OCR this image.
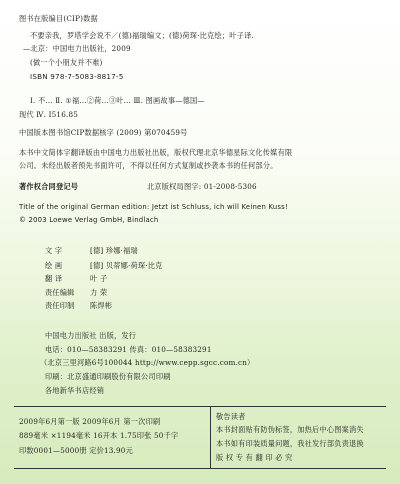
图书在版编目(CIP)数据
不要亲我，罗塔学会说不／(德)福瑞编文；(德)荷琛·比克绘；叶子译.
—北京：中国电力出版社，2009
(做一个小朋友并不难)
ISBN 978-7-5083-8817-5
Ⅰ. 不… Ⅱ. ①福…②荷…③叶… Ⅲ. 图画故事—德国—
现代 Ⅳ. I516.85
中国版本图书馆CIP数据核字 (2009) 第070459号
本书中文简体字翻译版由中国电力出版社出版，版权代理北京华德星际文化传媒有限
公司。未经出版者预先书面许可，不得以任何方式复制或抄袭本书的任何部分。
著作权合同登记号	北京版权局图字: 01-2008-5306
Title of the original German edition: Jetzt ist Schluss, ich will Keinen Kuss!
© 2003 Loewe Verlag GmbH, Bindlach
文 字	[德] 珍娜·福瑞
绘 画	[德] 贝蒂娜·荷琛·比克
翻 译	叶 子
责任编辑 力 荣
责任印制 陈焊彬
中国电力出版社 出版，发行
电话：010—58383291 传真：010—58383291
（北京三里河路6号100044 http://www.cepp.sgcc.com.cn）
印刷：北京盛通印刷股份有限公司印刷
各地新华书店经销
2009年6月第一版 2009年6月 第一次印刷
889毫米 ×1194毫米 16开本 1.75印张 50千字
印数0001—5000册 定价13.90元
敬告读者
本书封面贴有防伪标签，加热后中心图案消失
本书如有印装质量问题，我社发行部负责退换
版 权 专 有 翻 印 必 究
